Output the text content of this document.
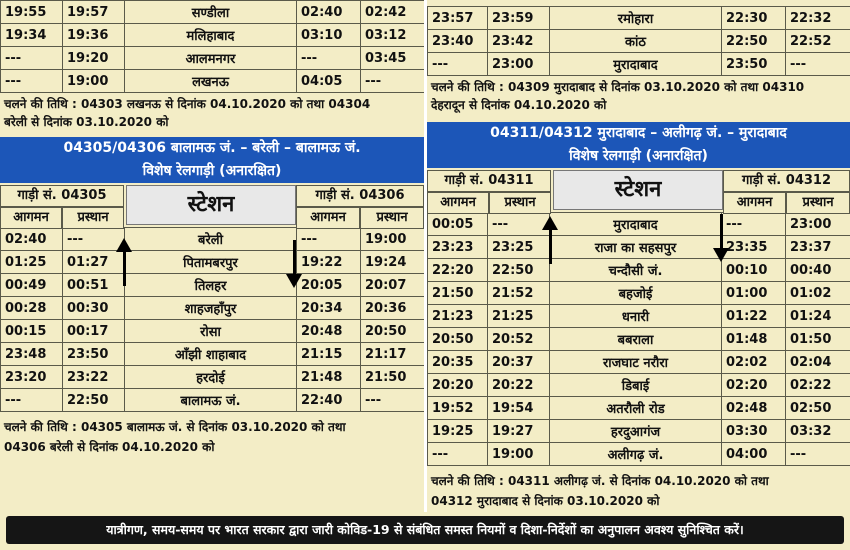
19:55	19:57	सण्डीला	02:40	02:42
19:34	19:36	मलिहाबाद	03:10	03:12
---	19:20	आलमनगर	---	03:45
---	19:00	लखनऊ	04:05	---
चलने की तिथि : 04303 लखनऊ से दिनांक 04.10.2020 को तथा 04304
बरेली से दिनांक 03.10.2020 को
04305/04306 बालामऊ जं. – बरेली – बालामऊ जं.
विशेष रेलगाड़ी (अनारक्षित)
गाड़ी सं. 04305
आगमन	प्रस्थान
स्टेशन	गाड़ी सं. 04306
आगमन	प्रस्थान
02:40	---	बरेली	---	19:00
01:25	01:27	पितामबरपुर	19:22	19:24
00:49	00:51	तिलहर	20:05	20:07
00:28	00:30	शाहजहाँपुर	20:34	20:36
00:15	00:17	रोसा	20:48	20:50
23:48	23:50	आँझी शाहाबाद	21:15	21:17
23:20	23:22	हरदोई	21:48	21:50
---	22:50	बालामऊ जं.	22:40	---
चलने की तिथि : 04305 बालामऊ जं. से दिनांक 03.10.2020 को तथा
04306 बरेली से दिनांक 04.10.2020 को
23:57	23:59	रमोहारा	22:30	22:32
23:40	23:42	कांठ	22:50	22:52
---	23:00	मुरादाबाद	23:50	---
चलने की तिथि : 04309 मुरादाबाद से दिनांक 03.10.2020 को तथा 04310
देहरादून से दिनांक 04.10.2020 को
04311/04312 मुरादाबाद – अलीगढ़ जं. – मुरादाबाद
विशेष रेलगाड़ी (अनारक्षित)
गाड़ी सं. 04311
आगमन	प्रस्थान
स्टेशन	गाड़ी सं. 04312
आगमन	प्रस्थान
00:05	---	मुरादाबाद	---	23:00
23:23	23:25	राजा का सहसपुर	23:35	23:37
22:20	22:50	चन्दौसी जं.	00:10	00:40
21:50	21:52	बहजोई	01:00	01:02
21:23	21:25	धनारी	01:22	01:24
20:50	20:52	बबराला	01:48	01:50
20:35	20:37	राजघाट नरौरा	02:02	02:04
20:20	20:22	डिबाई	02:20	02:22
19:52	19:54	अतरौली रोड	02:48	02:50
19:25	19:27	हरदुआगंज	03:30	03:32
---	19:00	अलीगढ़ जं.	04:00	---
चलने की तिथि : 04311 अलीगढ़ जं. से दिनांक 04.10.2020 को तथा
04312 मुरादाबाद से दिनांक 03.10.2020 को
यात्रीगण, समय-समय पर भारत सरकार द्वारा जारी कोविड-19 से संबंधित समस्त नियमों व दिशा-निर्देशों का अनुपालन अवश्य सुनिश्चित करें।
